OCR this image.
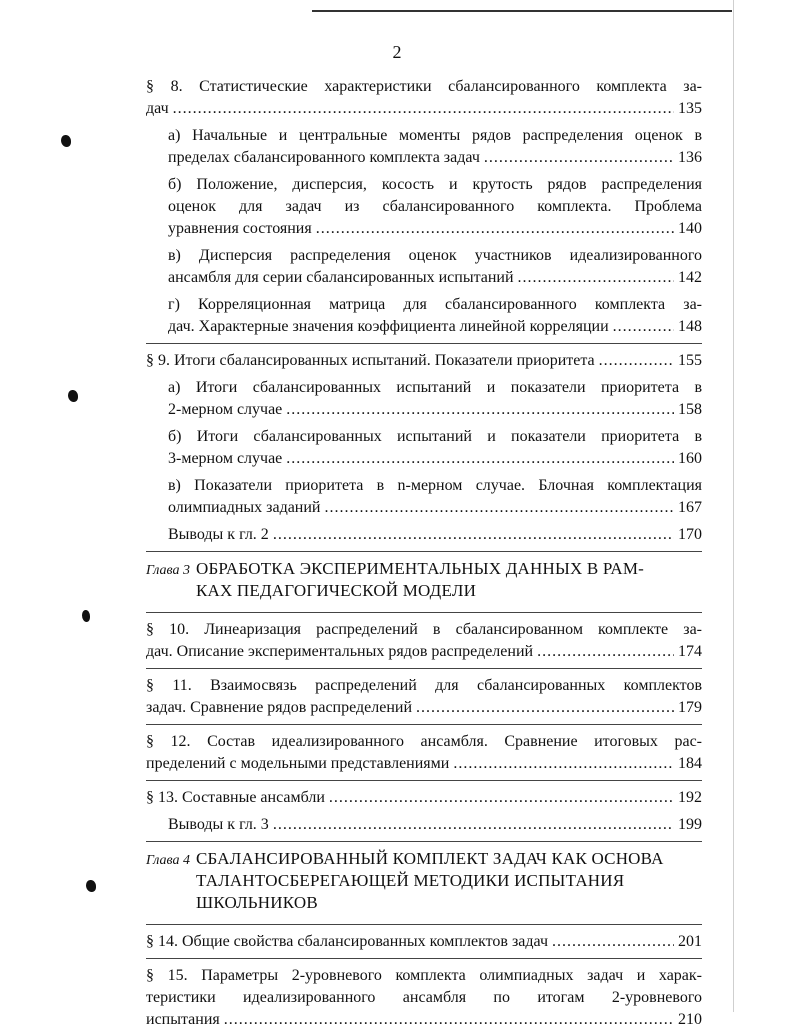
2
§ 8. Статистические характеристики сбалансированного комплекта за-
дач .....	135
а) Начальные и центральные моменты рядов распределения оценок в
пределах сбалансированного комплекта задач .....	136
б) Положение, дисперсия, косость и крутость рядов распределения
оценок для задач из сбалансированного комплекта. Проблема
уравнения состояния .....	140
в) Дисперсия распределения оценок участников идеализированного
ансамбля для серии сбалансированных испытаний .....	142
г) Корреляционная матрица для сбалансированного комплекта за-
дач. Характерные значения коэффициента линейной корреляции .....	148
§ 9. Итоги сбалансированных испытаний. Показатели приоритета .....	155
а) Итоги сбалансированных испытаний и показатели приоритета в
2-мерном случае .....	158
б) Итоги сбалансированных испытаний и показатели приоритета в
3-мерном случае .....	160
в) Показатели приоритета в n-мерном случае. Блочная комплектация
олимпиадных заданий .....	167
Выводы к гл. 2 .....	170
Глава 3 ОБРАБОТКА ЭКСПЕРИМЕНТАЛЬНЫХ ДАННЫХ В РАМ-
КАХ ПЕДАГОГИЧЕСКОЙ МОДЕЛИ
§ 10. Линеаризация распределений в сбалансированном комплекте за-
дач. Описание экспериментальных рядов распределений .....	174
§ 11. Взаимосвязь распределений для сбалансированных комплектов
задач. Сравнение рядов распределений .....	179
§ 12. Состав идеализированного ансамбля. Сравнение итоговых рас-
пределений с модельными представлениями .....	184
§ 13. Составные ансамбли .....	192
Выводы к гл. 3 .....	199
Глава 4 СБАЛАНСИРОВАННЫЙ КОМПЛЕКТ ЗАДАЧ КАК ОСНОВА
ТАЛАНТОСБЕРЕГАЮЩЕЙ МЕТОДИКИ ИСПЫТАНИЯ
ШКОЛЬНИКОВ
§ 14. Общие свойства сбалансированных комплектов задач .....	201
§ 15. Параметры 2-уровневого комплекта олимпиадных задач и харак-
теристики идеализированного ансамбля по итогам 2-уровневого
испытания .....	210
